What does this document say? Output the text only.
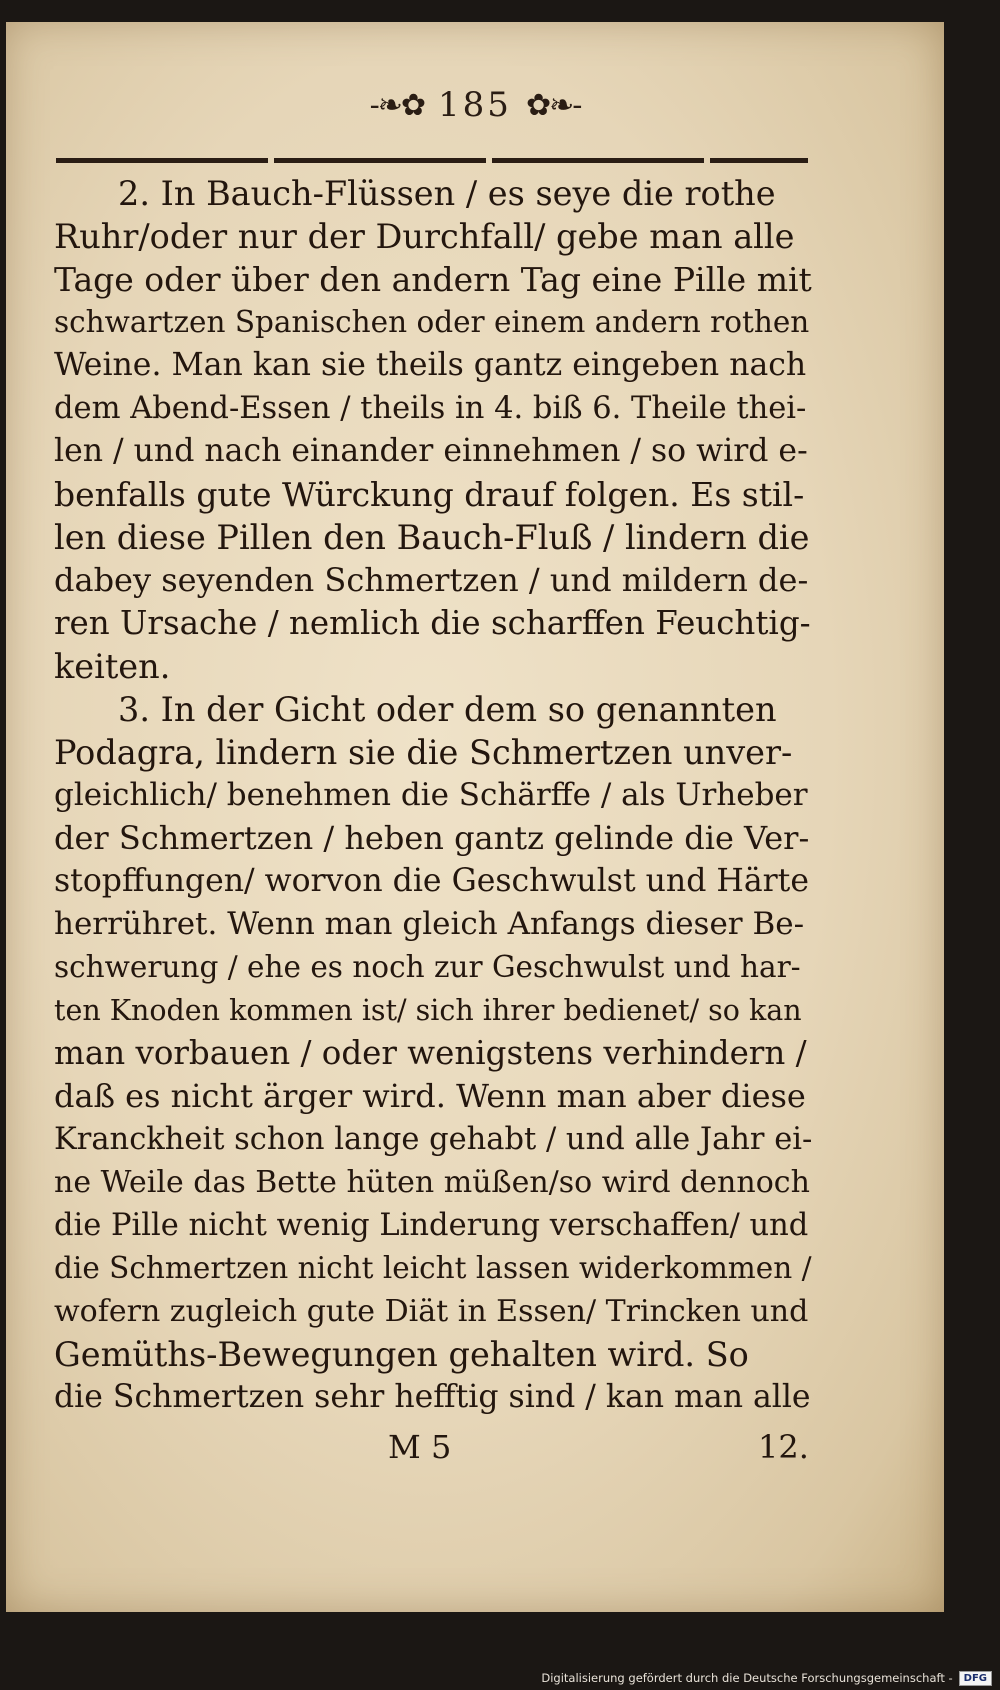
-❧✿ 185 ✿❧-
2. In Bauch-Flüssen / es seye die rothe
Ruhr/oder nur der Durchfall/ gebe man alle
Tage oder über den andern Tag eine Pille mit
schwartzen Spanischen oder einem andern rothen
Weine. Man kan sie theils gantz eingeben nach
dem Abend-Essen / theils in 4. biß 6. Theile thei-
len / und nach einander einnehmen / so wird e-
benfalls gute Würckung drauf folgen. Es stil-
len diese Pillen den Bauch-Fluß / lindern die
dabey seyenden Schmertzen / und mildern de-
ren Ursache / nemlich die scharffen Feuchtig-
keiten.
3. In der Gicht oder dem so genannten
Podagra, lindern sie die Schmertzen unver-
gleichlich/ benehmen die Schärffe / als Urheber
der Schmertzen / heben gantz gelinde die Ver-
stopffungen/ worvon die Geschwulst und Härte
herrühret. Wenn man gleich Anfangs dieser Be-
schwerung / ehe es noch zur Geschwulst und har-
ten Knoden kommen ist/ sich ihrer bedienet/ so kan
man vorbauen / oder wenigstens verhindern /
daß es nicht ärger wird. Wenn man aber diese
Kranckheit schon lange gehabt / und alle Jahr ei-
ne Weile das Bette hüten müßen/so wird dennoch
die Pille nicht wenig Linderung verschaffen/ und
die Schmertzen nicht leicht lassen widerkommen /
wofern zugleich gute Diät in Essen/ Trincken und
Gemüths-Bewegungen gehalten wird. So
die Schmertzen sehr hefftig sind / kan man alle
M 5	12.
Digitalisierung gefördert durch die Deutsche Forschungsgemeinschaft -	DFG
